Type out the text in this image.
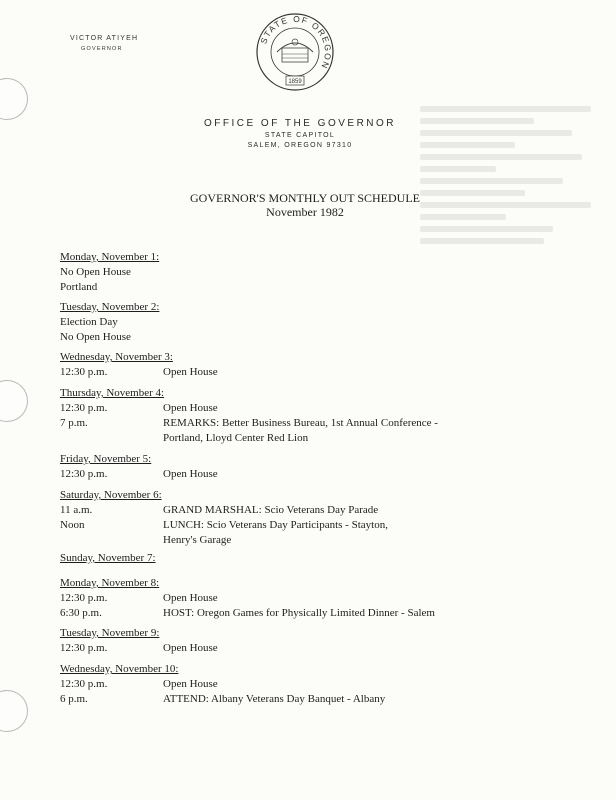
VICTOR ATIYEH
GOVERNOR
STATE OF OREGON
1859
OFFICE OF THE GOVERNOR
STATE CAPITOL
SALEM, OREGON 97310
GOVERNOR'S MONTHLY OUT SCHEDULE
November 1982
Monday, November 1:
No Open House
Portland
Tuesday, November 2:
Election Day
No Open House
Wednesday, November 3:
12:30 p.m.	Open House
Thursday, November 4:
12:30 p.m.	Open House
7 p.m.	REMARKS: Better Business Bureau, 1st Annual Conference -
Portland, Lloyd Center Red Lion
Friday, November 5:
12:30 p.m.	Open House
Saturday, November 6:
11 a.m.	GRAND MARSHAL: Scio Veterans Day Parade
Noon	LUNCH: Scio Veterans Day Participants - Stayton,
Henry's Garage
Sunday, November 7:
Monday, November 8:
12:30 p.m.	Open House
6:30 p.m.	HOST: Oregon Games for Physically Limited Dinner - Salem
Tuesday, November 9:
12:30 p.m.	Open House
Wednesday, November 10:
12:30 p.m.	Open House
6 p.m.	ATTEND: Albany Veterans Day Banquet - Albany
